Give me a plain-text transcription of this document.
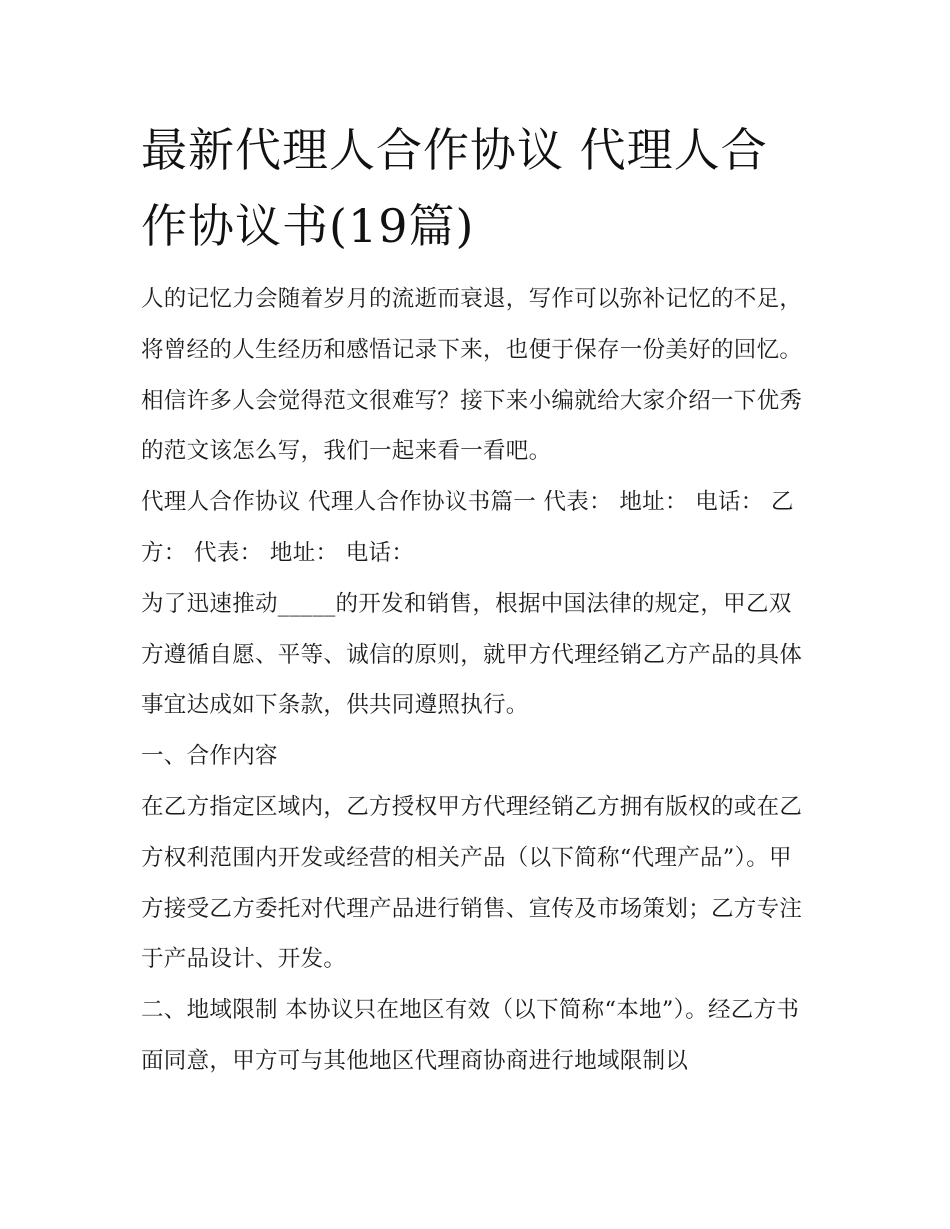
最新代理人合作协议 代理人合作协议书(19篇)

人的记忆力会随着岁月的流逝而衰退，写作可以弥补记忆的不足，将曾经的人生经历和感悟记录下来，也便于保存一份美好的回忆。相信许多人会觉得范文很难写？接下来小编就给大家介绍一下优秀的范文该怎么写，我们一起来看一看吧。

代理人合作协议 代理人合作协议书篇一 代表： 地址： 电话： 乙方： 代表： 地址： 电话：

为了迅速推动_____的开发和销售，根据中国法律的规定，甲乙双方遵循自愿、平等、诚信的原则，就甲方代理经销乙方产品的具体事宜达成如下条款，供共同遵照执行。

一、合作内容

在乙方指定区域内，乙方授权甲方代理经销乙方拥有版权的或在乙方权利范围内开发或经营的相关产品（以下简称“代理产品”）。甲方接受乙方委托对代理产品进行销售、宣传及市场策划；乙方专注于产品设计、开发。

二、地域限制 本协议只在地区有效（以下简称“本地”）。经乙方书面同意，甲方可与其他地区代理商协商进行地域限制以
